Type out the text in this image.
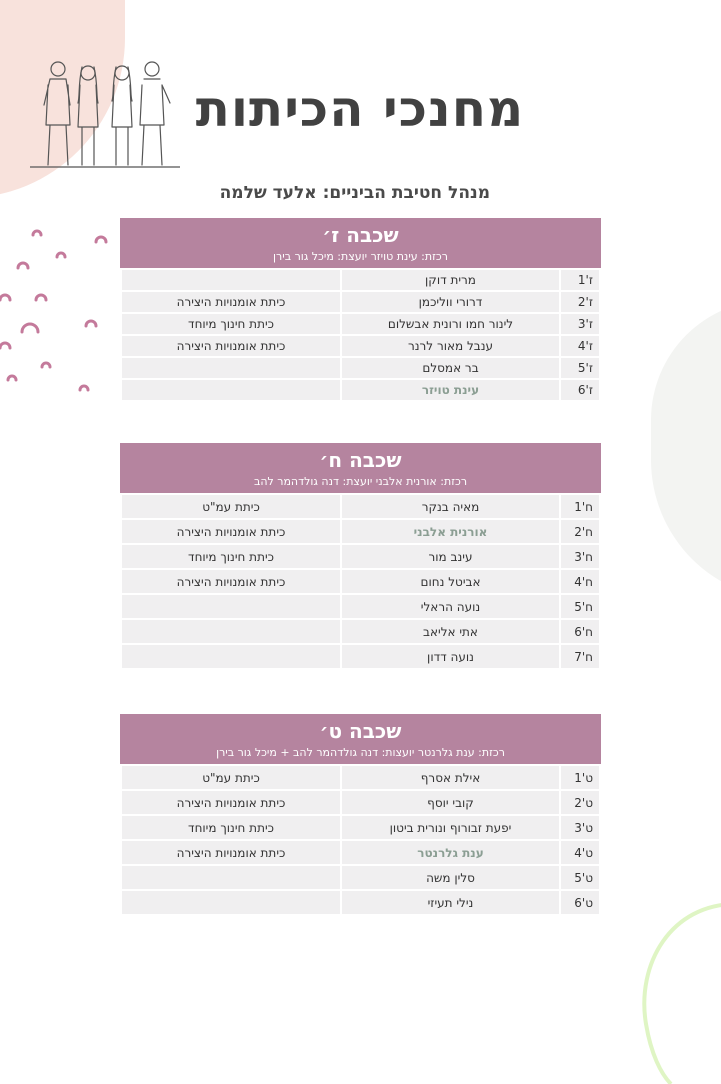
מחנכי הכיתות
מנהל חטיבת הביניים: אלעד שלמה
שכבה ז׳
רכזת: עינת טויזר יועצת: מיכל גור בירן
ז'1	מרית דוקן	
ז'2	דרורי ווליכמן	כיתת אומנויות היצירה
ז'3	לינור חמו ורונית אבשלום	כיתת חינוך מיוחד
ז'4	ענבל מאור לרנר	כיתת אומנויות היצירה
ז'5	בר אמסלם	
ז'6	עינת טויזר	
שכבה ח׳
רכזת: אורנית אלבני יועצת: דנה גולדהמר להב
ח'1	מאיה בנקר	כיתת עמ"ט
ח'2	אורנית אלבני	כיתת אומנויות היצירה
ח'3	עינב מור	כיתת חינוך מיוחד
ח'4	אביטל נחום	כיתת אומנויות היצירה
ח'5	נועה הראלי	
ח'6	אתי אליאב	
ח'7	נועה דדון	
שכבה ט׳
רכזת: ענת גלרנטר יועצות: דנה גולדהמר להב + מיכל גור בירן
ט'1	אילת אסרף	כיתת עמ"ט
ט'2	קובי יוסף	כיתת אומנויות היצירה
ט'3	יפעת זבורוף ונורית ביטון	כיתת חינוך מיוחד
ט'4	ענת גלרנטר	כיתת אומנויות היצירה
ט'5	סלין משה	
ט'6	נילי תעיזי	
